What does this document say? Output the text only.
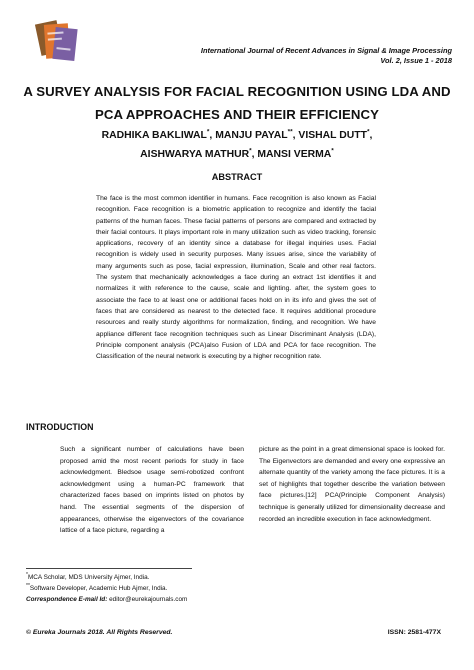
International Journal of Recent Advances in Signal & Image Processing
Vol. 2, Issue 1 - 2018
A SURVEY ANALYSIS FOR FACIAL RECOGNITION USING LDA AND PCA APPROACHES AND THEIR EFFICIENCY
RADHIKA BAKLIWAL*, MANJU PAYAL**, VISHAL DUTT*,
AISHWARYA MATHUR*, MANSI VERMA*
ABSTRACT
The face is the most common identifier in humans. Face recognition is also known as Facial recognition. Face recognition is a biometric application to recognize and identify the facial patterns of the human faces. These facial patterns of persons are compared and extracted by their facial contours. It plays important role in many utilization such as video tracking, forensic applications, recovery of an identity since a database for illegal inquiries uses. Facial recognition is widely used in security purposes. Many issues arise, since the variability of many arguments such as pose, facial expression, illumination, Scale and other real factors. The system that mechanically acknowledges a face during an extract 1st identifies it and normalizes it with reference to the cause, scale and lighting. after, the system goes to associate the face to at least one or additional faces hold on in its info and gives the set of faces that are considered as nearest to the detected face. It requires additional procedure resources and really sturdy algorithms for normalization, finding, and recognition. We have appliance different face recognition techniques such as Linear Discriminant Analysis (LDA), Principle component analysis (PCA)also Fusion of LDA and PCA for face recognition. The Classification of the neural network is executing by a higher recognition rate.
INTRODUCTION
Such a significant number of calculations have been proposed amid the most recent periods for study in face acknowledgment. Bledsoe usage semi-robotized confront acknowledgment using a human-PC framework that characterized faces based on imprints listed on photos by hand. The essential segments of the dispersion of appearances, otherwise the eigenvectors of the covariance lattice of a face picture, regarding a
picture as the point in a great dimensional space is looked for. The Eigenvectors are demanded and every one expressive an alternate quantity of the variety among the face pictures. It is a set of highlights that together describe the variation between face pictures.[12] PCA(Principle Component Analysis) technique is generally utilized for dimensionality decrease and recorded an incredible execution in face acknowledgment.
*MCA Scholar, MDS University Ajmer, India.
**Software Developer, Academic Hub Ajmer, India.
Correspondence E-mail Id: editor@eurekajournals.com
© Eureka Journals 2018. All Rights Reserved.	ISSN: 2581-477X
